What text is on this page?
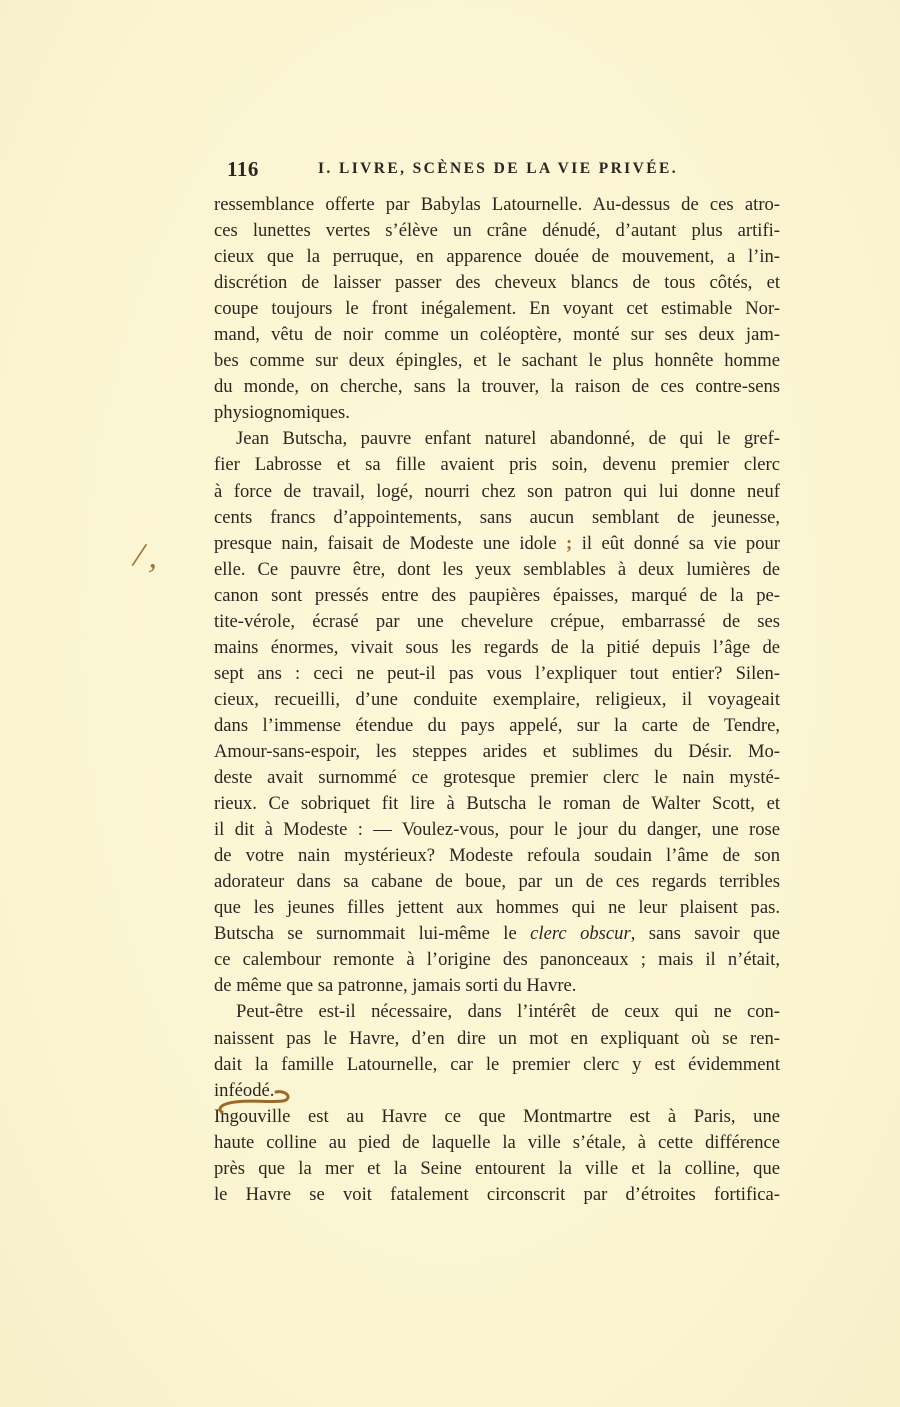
116	I. LIVRE, SCÈNES DE LA VIE PRIVÉE.
/,
ressemblance offerte par Babylas Latournelle. Au-dessus de ces atro-
ces lunettes vertes s’élève un crâne dénudé, d’autant plus artifi-
cieux que la perruque, en apparence douée de mouvement, a l’in-
discrétion de laisser passer des cheveux blancs de tous côtés, et
coupe toujours le front inégalement. En voyant cet estimable Nor-
mand, vêtu de noir comme un coléoptère, monté sur ses deux jam-
bes comme sur deux épingles, et le sachant le plus honnête homme
du monde, on cherche, sans la trouver, la raison de ces contre-sens
physiognomiques.
Jean Butscha, pauvre enfant naturel abandonné, de qui le gref-
fier Labrosse et sa fille avaient pris soin, devenu premier clerc
à force de travail, logé, nourri chez son patron qui lui donne neuf
cents francs d’appointements, sans aucun semblant de jeunesse,
presque nain, faisait de Modeste une idole ; il eût donné sa vie pour
elle. Ce pauvre être, dont les yeux semblables à deux lumières de
canon sont pressés entre des paupières épaisses, marqué de la pe-
tite-vérole, écrasé par une chevelure crépue, embarrassé de ses
mains énormes, vivait sous les regards de la pitié depuis l’âge de
sept ans : ceci ne peut-il pas vous l’expliquer tout entier? Silen-
cieux, recueilli, d’une conduite exemplaire, religieux, il voyageait
dans l’immense étendue du pays appelé, sur la carte de Tendre,
Amour-sans-espoir, les steppes arides et sublimes du Désir. Mo-
deste avait surnommé ce grotesque premier clerc le nain mysté-
rieux. Ce sobriquet fit lire à Butscha le roman de Walter Scott, et
il dit à Modeste : — Voulez-vous, pour le jour du danger, une rose
de votre nain mystérieux? Modeste refoula soudain l’âme de son
adorateur dans sa cabane de boue, par un de ces regards terribles
que les jeunes filles jettent aux hommes qui ne leur plaisent pas.
Butscha se surnommait lui-même le clerc obscur, sans savoir que
ce calembour remonte à l’origine des panonceaux ; mais il n’était,
de même que sa patronne, jamais sorti du Havre.
Peut-être est-il nécessaire, dans l’intérêt de ceux qui ne con-
naissent pas le Havre, d’en dire un mot en expliquant où se ren-
dait la famille Latournelle, car le premier clerc y est évidemment
inféodé.
Ingouville est au Havre ce que Montmartre est à Paris, une
haute colline au pied de laquelle la ville s’étale, à cette différence
près que la mer et la Seine entourent la ville et la colline, que
le Havre se voit fatalement circonscrit par d’étroites fortifica-
